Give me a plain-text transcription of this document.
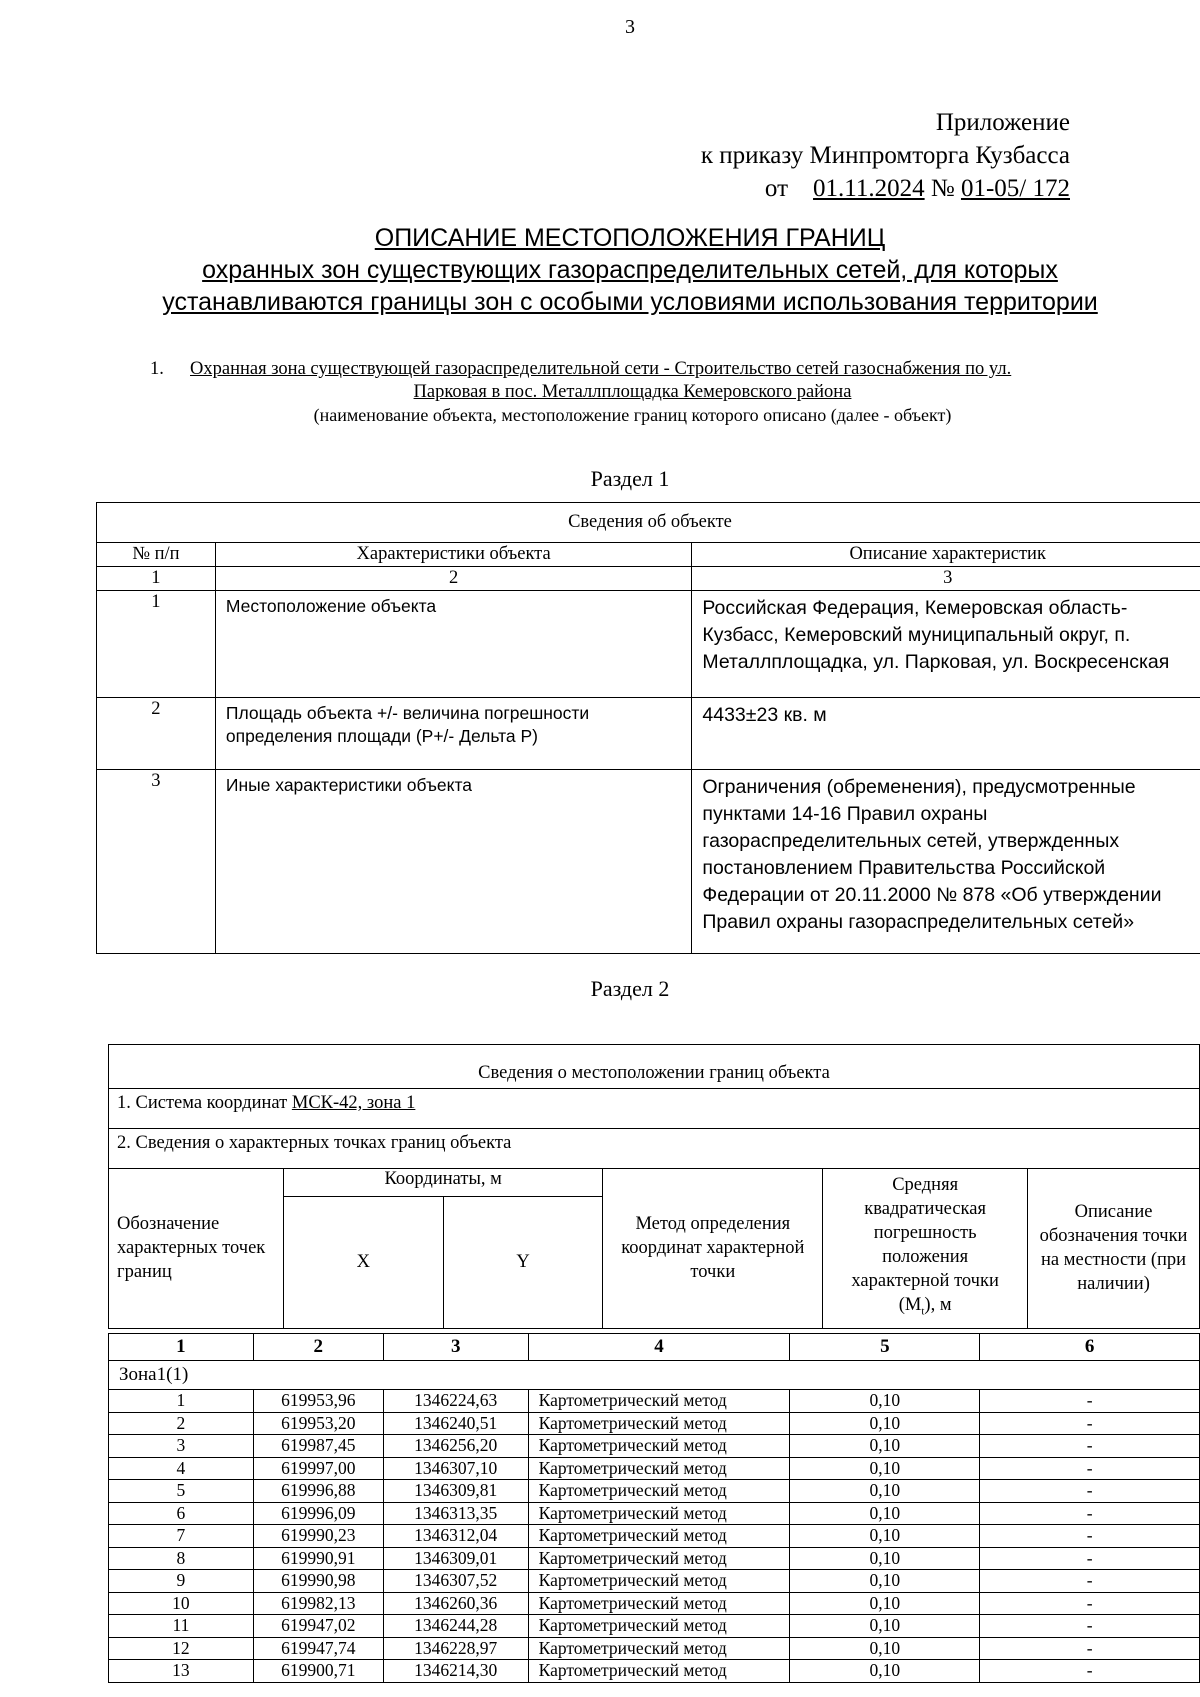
3
Приложение
к приказу Минпромторга Кузбасса
от 01.11.2024 № 01-05/ 172
ОПИСАНИЕ МЕСТОПОЛОЖЕНИЯ ГРАНИЦ
охранных зон существующих газораспределительных сетей, для которых
устанавливаются границы зон с особыми условиями использования территории
1.	Охранная зона существующей газораспределительной сети - Строительство сетей газоснабжения по ул.
Парковая в пос. Металлплощадка Кемеровского района
(наименование объекта, местоположение границ которого описано (далее - объект)
Раздел 1
Сведения об объекте		
№ п/п	Характеристики объекта	Описание характеристик
1	2	3
1	Местоположение объекта	Российская Федерация, Кемеровская область-Кузбасс, Кемеровский муниципальный округ, п. Металлплощадка, ул. Парковая, ул. Воскресенская
2	Площадь объекта +/- величина погрешности определения площади (P+/- Дельта P)	4433±23 кв. м
3	Иные характеристики объекта	Ограничения (обременения), предусмотренные пунктами 14-16 Правил охраны газораспределительных сетей, утвержденных постановлением Правительства Российской Федерации от 20.11.2000 № 878 «Об утверждении Правил охраны газораспределительных сетей»
Раздел 2
Сведения о местоположении границ объекта					
1. Система координат МСК-42, зона 1					
2. Сведения о характерных точках границ объекта					
Обозначение характерных точек границ	Координаты, м		Метод определения координат характерной точки	Средняя квадратическая погрешность положения характерной точки $(M_t)$, м	Описание обозначения точки на местности (при наличии)
	X	Y			
1	2	3	4	5	6
Зона1(1)					
1	619953,96	1346224,63	Картометрический метод	0,10	-
2	619953,20	1346240,51	Картометрический метод	0,10	-
3	619987,45	1346256,20	Картометрический метод	0,10	-
4	619997,00	1346307,10	Картометрический метод	0,10	-
5	619996,88	1346309,81	Картометрический метод	0,10	-
6	619996,09	1346313,35	Картометрический метод	0,10	-
7	619990,23	1346312,04	Картометрический метод	0,10	-
8	619990,91	1346309,01	Картометрический метод	0,10	-
9	619990,98	1346307,52	Картометрический метод	0,10	-
10	619982,13	1346260,36	Картометрический метод	0,10	-
11	619947,02	1346244,28	Картометрический метод	0,10	-
12	619947,74	1346228,97	Картометрический метод	0,10	-
13	619900,71	1346214,30	Картометрический метод	0,10	-
